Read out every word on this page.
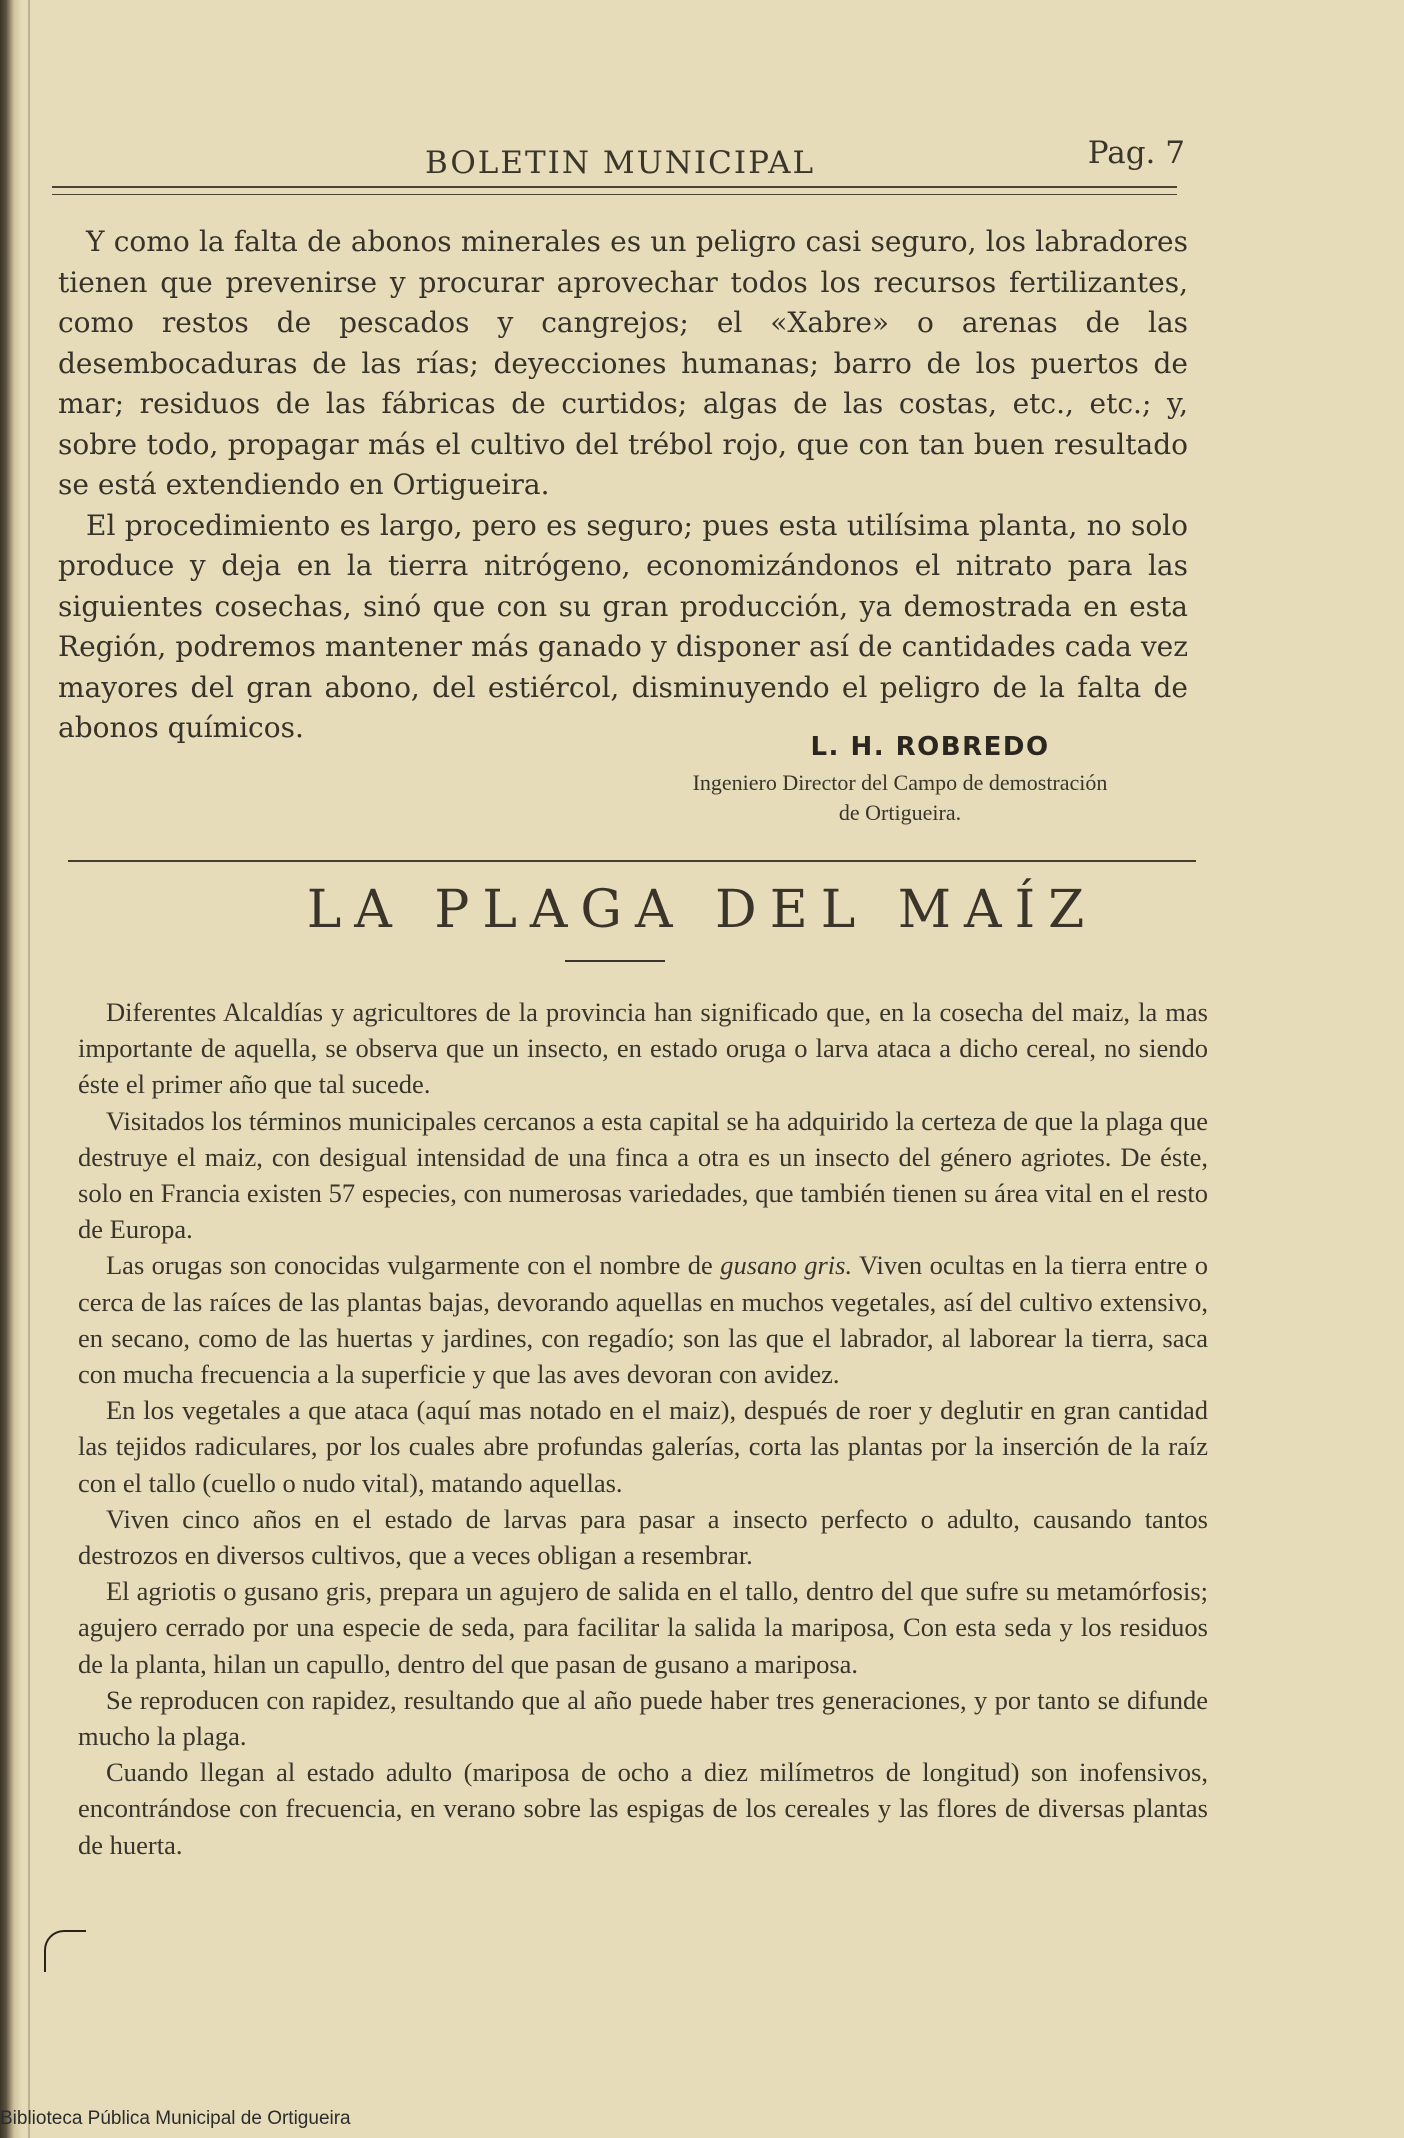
BOLETIN MUNICIPAL	Pag. 7

Y como la falta de abonos minerales es un peligro casi seguro, los labradores tienen que prevenirse y procurar aprovechar todos los recursos fertilizantes, como restos de pescados y cangrejos; el «Xabre» o arenas de las desembocaduras de las rías; deyecciones humanas; barro de los puertos de mar; residuos de las fábricas de curtidos; algas de las costas, etc., etc.; y, sobre todo, propagar más el cultivo del trébol rojo, que con tan buen resultado se está extendiendo en Ortigueira.

El procedimiento es largo, pero es seguro; pues esta utilísima planta, no solo produce y deja en la tierra nitrógeno, economizándonos el nitrato para las siguientes cosechas, sinó que con su gran producción, ya demostrada en esta Región, podremos mantener más ganado y disponer así de cantidades cada vez mayores del gran abono, del estiércol, disminuyendo el peligro de la falta de abonos químicos.

L. H. ROBREDO
Ingeniero Director del Campo de demostración
de Ortigueira.
LA PLAGA DEL MAÍZ

Diferentes Alcaldías y agricultores de la provincia han significado que, en la cosecha del maiz, la mas importante de aquella, se observa que un insecto, en estado oruga o larva ataca a dicho cereal, no siendo éste el primer año que tal sucede.

Visitados los términos municipales cercanos a esta capital se ha adquirido la certeza de que la plaga que destruye el maiz, con desigual intensidad de una finca a otra es un insecto del género agriotes. De éste, solo en Francia existen 57 especies, con numerosas variedades, que también tienen su área vital en el resto de Europa.

Las orugas son conocidas vulgarmente con el nombre de gusano gris. Viven ocultas en la tierra entre o cerca de las raíces de las plantas bajas, devorando aquellas en muchos vegetales, así del cultivo extensivo, en secano, como de las huertas y jardines, con regadío; son las que el labrador, al laborear la tierra, saca con mucha frecuencia a la superficie y que las aves devoran con avidez.

En los vegetales a que ataca (aquí mas notado en el maiz), después de roer y deglutir en gran cantidad las tejidos radiculares, por los cuales abre profundas galerías, corta las plantas por la inserción de la raíz con el tallo (cuello o nudo vital), matando aquellas.

Viven cinco años en el estado de larvas para pasar a insecto perfecto o adulto, causando tantos destrozos en diversos cultivos, que a veces obligan a resembrar.

El agriotis o gusano gris, prepara un agujero de salida en el tallo, dentro del que sufre su metamórfosis; agujero cerrado por una especie de seda, para facilitar la salida la mariposa, Con esta seda y los residuos de la planta, hilan un capullo, dentro del que pasan de gusano a mariposa.

Se reproducen con rapidez, resultando que al año puede haber tres generaciones, y por tanto se difunde mucho la plaga.

Cuando llegan al estado adulto (mariposa de ocho a diez milímetros de longitud) son inofensivos, encontrándose con frecuencia, en verano sobre las espigas de los cereales y las flores de diversas plantas de huerta.

Biblioteca Pública Municipal de Ortigueira
